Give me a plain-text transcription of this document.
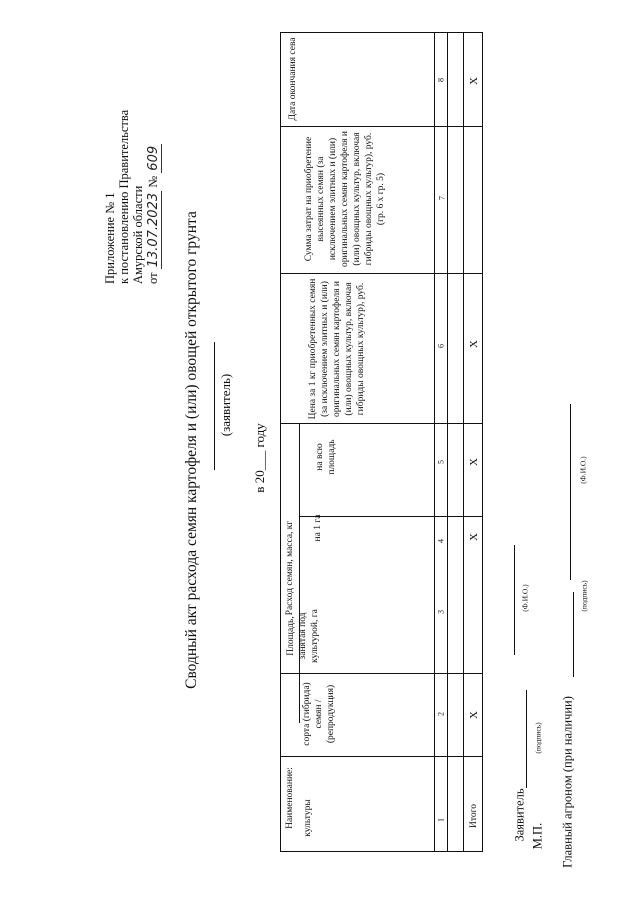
Приложение № 1 к постановлению Правительства Амурской области от 13.07.2023 № 609
Сводный акт расхода семян картофеля и (или) овощей открытого грунта (заявитель)
в 20___ году
Наименование:
Расход семян, масса, кг
культуры
сорта (гибрида) семян / (репродукция)
Площадь, занятая под культурой, га
на 1 га
на всю площадь
Цена за 1 кг приобретенных семян (за исключением элитных и (или) оригинальных семян картофеля и (или) овощных культур, включая гибриды овощных культур), руб.
Сумма затрат на приобретение высеянных семян (за исключением элитных и (или) оригинальных семян картофеля и (или) овощных культур, включая гибриды овощных культур), руб. (гр. 6 х гр. 5)
Дата окончания сева
1
2
3
4
5
6
7
8
Итого
X
X
X
X
X
Заявитель
(подпись)
(Ф.И.О.)
М.П. Главный агроном (при наличии)
(подпись)
(Ф.И.О.)
